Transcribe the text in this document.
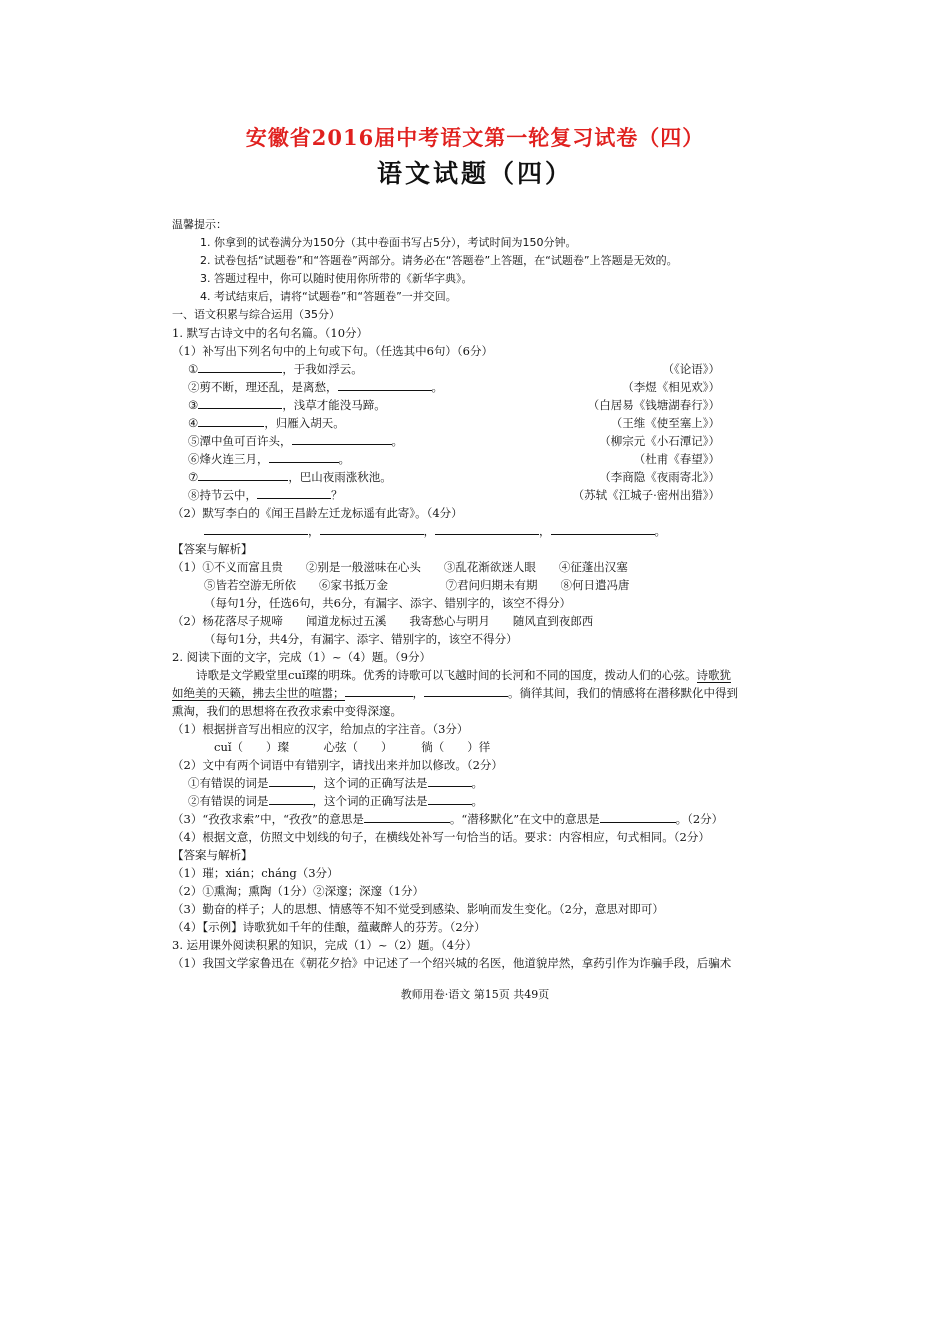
安徽省2016届中考语文第一轮复习试卷（四）
语文试题（四）
温馨提示：
1. 你拿到的试卷满分为150分（其中卷面书写占5分），考试时间为150分钟。
2. 试卷包括“试题卷”和“答题卷”两部分。请务必在“答题卷”上答题，在“试题卷”上答题是无效的。
3. 答题过程中，你可以随时使用你所带的《新华字典》。
4. 考试结束后，请将“试题卷”和“答题卷”一并交回。
一、语文积累与综合运用（35分）
1. 默写古诗文中的名句名篇。（10分）
（1）补写出下列名句中的上句或下句。（任选其中6句）（6分）
①	，于我如浮云。	（《论语》）
②剪不断，理还乱，是离愁，	。	（李煜《相见欢》）
③	，浅草才能没马蹄。	（白居易《钱塘湖春行》）
④	，归雁入胡天。	（王维《使至塞上》）
⑤潭中鱼可百许头，	。	（柳宗元《小石潭记》）
⑥烽火连三月，	。	（杜甫《春望》）
⑦	，巴山夜雨涨秋池。	（李商隐《夜雨寄北》）
⑧持节云中，	？	（苏轼《江城子·密州出猎》）
（2）默写李白的《闻王昌龄左迁龙标遥有此寄》。（4分）
，	，	，	。
【答案与解析】
（1）①不义而富且贵　　②别是一般滋味在心头　　③乱花渐欲迷人眼　　④征蓬出汉塞
⑤皆若空游无所依　　⑥家书抵万金　　　　　⑦君问归期未有期　　⑧何日遣冯唐
（每句1分，任选6句，共6分，有漏字、添字、错别字的，该空不得分）
（2）杨花落尽子规啼　　闻道龙标过五溪　　我寄愁心与明月　　随风直到夜郎西
（每句1分，共4分，有漏字、添字、错别字的，该空不得分）
2. 阅读下面的文字，完成（1）~（4）题。（9分）
诗歌是文学殿堂里cuǐ璨的明珠。优秀的诗歌可以飞越时间的长河和不同的国度，拨动人们的心弦。诗歌犹
如绝美的天籁，拂去尘世的喧嚣；	，	。徜徉其间，我们的情感将在潜移默化中得到
熏淘，我们的思想将在孜孜求索中变得深邃。
（1）根据拼音写出相应的汉字，给加点的字注音。（3分）
cuǐ（　　）璨　　　心弦（　　）　　　徜（　　）徉
（2）文中有两个词语中有错别字，请找出来并加以修改。（2分）
①有错误的词是	，这个词的正确写法是	。
②有错误的词是	，这个词的正确写法是	。
（3）“孜孜求索”中，“孜孜”的意思是	。“潜移默化”在文中的意思是	。（2分）
（4）根据文意，仿照文中划线的句子，在横线处补写一句恰当的话。要求：内容相应，句式相同。（2分）
【答案与解析】
（1）璀；xián；cháng（3分）
（2）①熏淘；熏陶（1分）②深邃；深邃（1分）
（3）勤奋的样子；人的思想、情感等不知不觉受到感染、影响而发生变化。（2分，意思对即可）
（4）【示例】诗歌犹如千年的佳酿，蕴藏醉人的芬芳。（2分）
3. 运用课外阅读积累的知识，完成（1）~（2）题。（4分）
（1）我国文学家鲁迅在《朝花夕拾》中记述了一个绍兴城的名医，他道貌岸然，拿药引作为诈骗手段，后骗术
教师用卷·语文 第15页 共49页
